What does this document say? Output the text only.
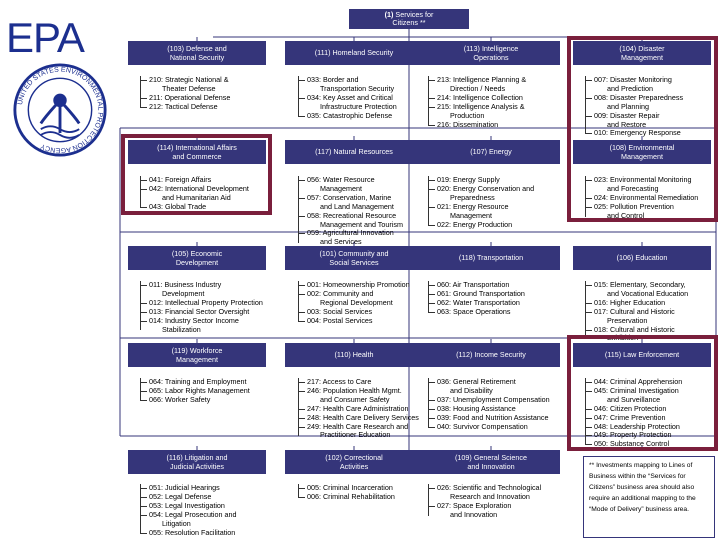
EPA
UNITED STATES ENVIRONMENTAL PROTECTION AGENCY
(1) Services for
Citizens **
(103) Defense and
National Security
210: Strategic National &
Theater Defense
211: Operational Defense
212: Tactical Defense
(111) Homeland Security
033: Border and
Transportation Security
034: Key Asset and Critical
Infrastructure Protection
035: Catastrophic Defense
(113) Intelligence
Operations
213: Intelligence Planning &
Direction / Needs
214: Intelligence Collection
215: Intelligence Analysis &
Production
216: Dissemination
(104) Disaster
Management
007: Disaster Monitoring
and Prediction
008: Disaster Preparedness
and Planning
009: Disaster Repair
and Restore
010: Emergency Response
(114) International Affairs
and Commerce
041: Foreign Affairs
042: International Development
and Humanitarian Aid
043: Global Trade
(117) Natural Resources
056: Water Resource
Management
057: Conservation, Marine
and Land Management
058: Recreational Resource
Management and Tourism
059: Agricultural Innovation
and Services
(107) Energy
019: Energy Supply
020: Energy Conservation and
Preparedness
021: Energy Resource
Management
022: Energy Production
(108) Environmental
Management
023: Environmental Monitoring
and Forecasting
024: Environmental Remediation
025: Pollution Prevention
and Control
(105) Economic
Development
011: Business Industry
Development
012: Intellectual Property Protection
013: Financial Sector Oversight
014: Industry Sector Income
Stabilization
(101) Community and
Social Services
001: Homeownership Promotion
002: Community and
Regional Development
003: Social Services
004: Postal Services
(118) Transportation
060: Air Transportation
061: Ground Transportation
062: Water Transportation
063: Space Operations
(106) Education
015: Elementary, Secondary,
and Vocational Education
016: Higher Education
017: Cultural and Historic
Preservation
018: Cultural and Historic
Exhibition
(119) Workforce
Management
064: Training and Employment
065: Labor Rights Management
066: Worker Safety
(110) Health
217: Access to Care
246: Population Health Mgmt.
and Consumer Safety
247: Health Care Administration
248: Health Care Delivery Services
249: Health Care Research and
Practitioner Education
(112) Income Security
036: General Retirement
and Disability
037: Unemployment Compensation
038: Housing Assistance
039: Food and Nutrition Assistance
040: Survivor Compensation
(115) Law Enforcement
044: Criminal Apprehension
045: Criminal Investigation
and Surveillance
046: Citizen Protection
047: Crime Prevention
048: Leadership Protection
049: Property Protection
050: Substance Control
(116) Litigation and
Judicial Activities
051: Judicial Hearings
052: Legal Defense
053: Legal Investigation
054: Legal Prosecution and
Litigation
055: Resolution Facilitation
(102) Correctional
Activities
005: Criminal Incarceration
006: Criminal Rehabilitation
(109) General Science
and Innovation
026: Scientific and Technological
Research and Innovation
027: Space Exploration
and Innovation
** Investments mapping to Lines of
Business within the “Services for
Citizens” business area should also
require an additional mapping to the
“Mode of Delivery” business area.
